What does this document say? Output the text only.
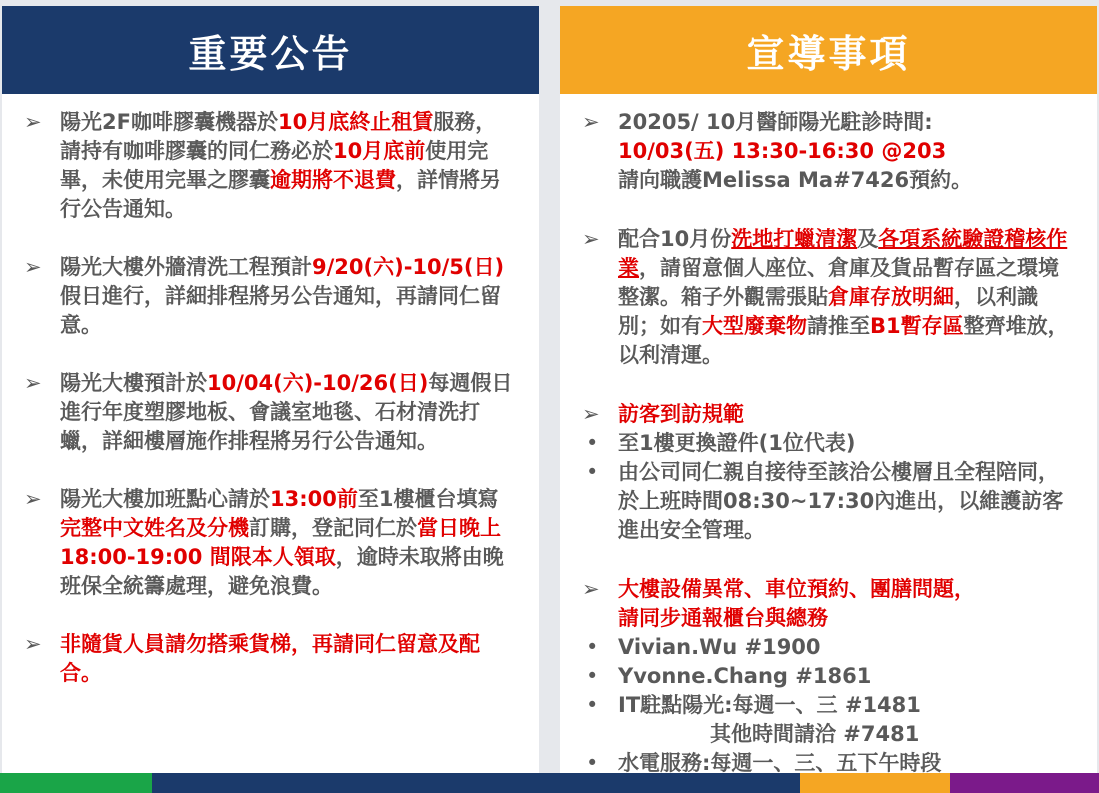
重要公告
➢ 陽光2F咖啡膠囊機器於10月底終止租賃服務， 請持有咖啡膠囊的同仁務必於10月底前使用完畢，未使用完畢之膠囊逾期將不退費，詳情將另行公告通知。
➢ 陽光大樓外牆清洗工程預計9/20(六)-10/5(日) 假日進行，詳細排程將另公告通知，再請同仁留意。
➢ 陽光大樓預計於10/04(六)-10/26(日)每週假日進行年度塑膠地板、會議室地毯、石材清洗打蠟，詳細樓層施作排程將另行公告通知。
➢ 陽光大樓加班點心請於13:00前至1樓櫃台填寫完整中文姓名及分機訂購，登記同仁於當日晚上 18:00-19:00 間限本人領取，逾時未取將由晚班保全統籌處理，避免浪費。
➢ 非隨貨人員請勿搭乘貨梯，再請同仁留意及配合。
宣導事項
➢ 20205/ 10月醫師陽光駐診時間:
10/03(五) 13:30-16:30 @203
請向職護Melissa Ma#7426預約。
➢ 配合10月份洗地打蠟清潔及各項系統驗證稽核作業，請留意個人座位、倉庫及貨品暫存區之環境整潔。箱子外觀需張貼倉庫存放明細，以利識別；如有大型廢棄物請推至B1暫存區整齊堆放，以利清運。
➢ 訪客到訪規範
• 至1樓更換證件(1位代表)
• 由公司同仁親自接待至該洽公樓層且全程陪同，於上班時間08:30~17:30內進出，以維護訪客進出安全管理。
➢ 大樓設備異常、車位預約、團膳問題，
請同步通報櫃台與總務
• Vivian.Wu #1900
• Yvonne.Chang #1861
• IT駐點陽光:每週一、三 #1481
其他時間請洽 #7481
• 水電服務:每週一、三、五下午時段
